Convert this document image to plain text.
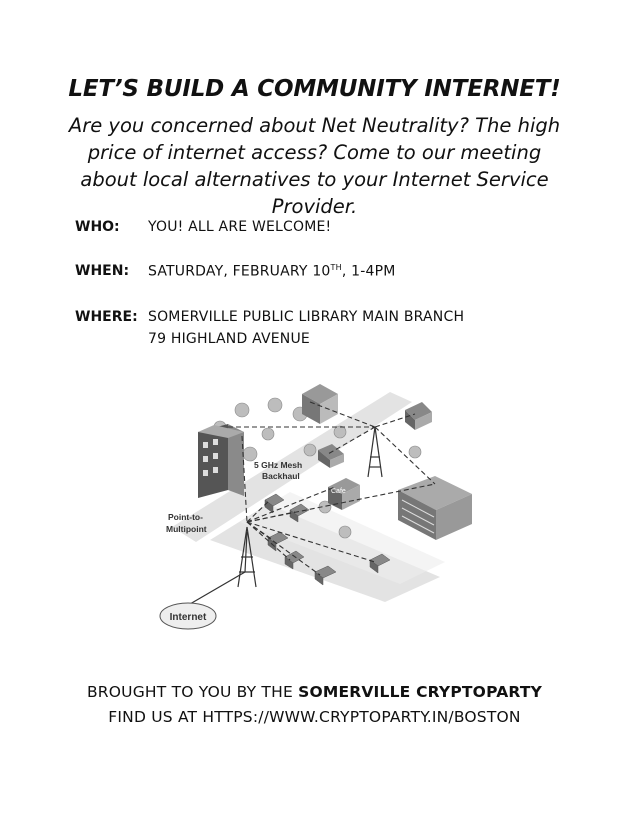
LET’S BUILD A COMMUNITY INTERNET!
Are you concerned about Net Neutrality? The high price of internet access? Come to our meeting about local alternatives to your Internet Service Provider.
WHO: YOU! ALL ARE WELCOME!
WHEN: SATURDAY, FEBRUARY 10TH, 1-4PM
WHERE: SOMERVILLE PUBLIC LIBRARY MAIN BRANCH
79 HIGHLAND AVENUE
Cafe
Internet
5 GHz Mesh
Backhaul
Point-to-
Multipoint
BROUGHT TO YOU BY THE SOMERVILLE CRYPTOPARTY
FIND US AT HTTPS://WWW.CRYPTOPARTY.IN/BOSTON
